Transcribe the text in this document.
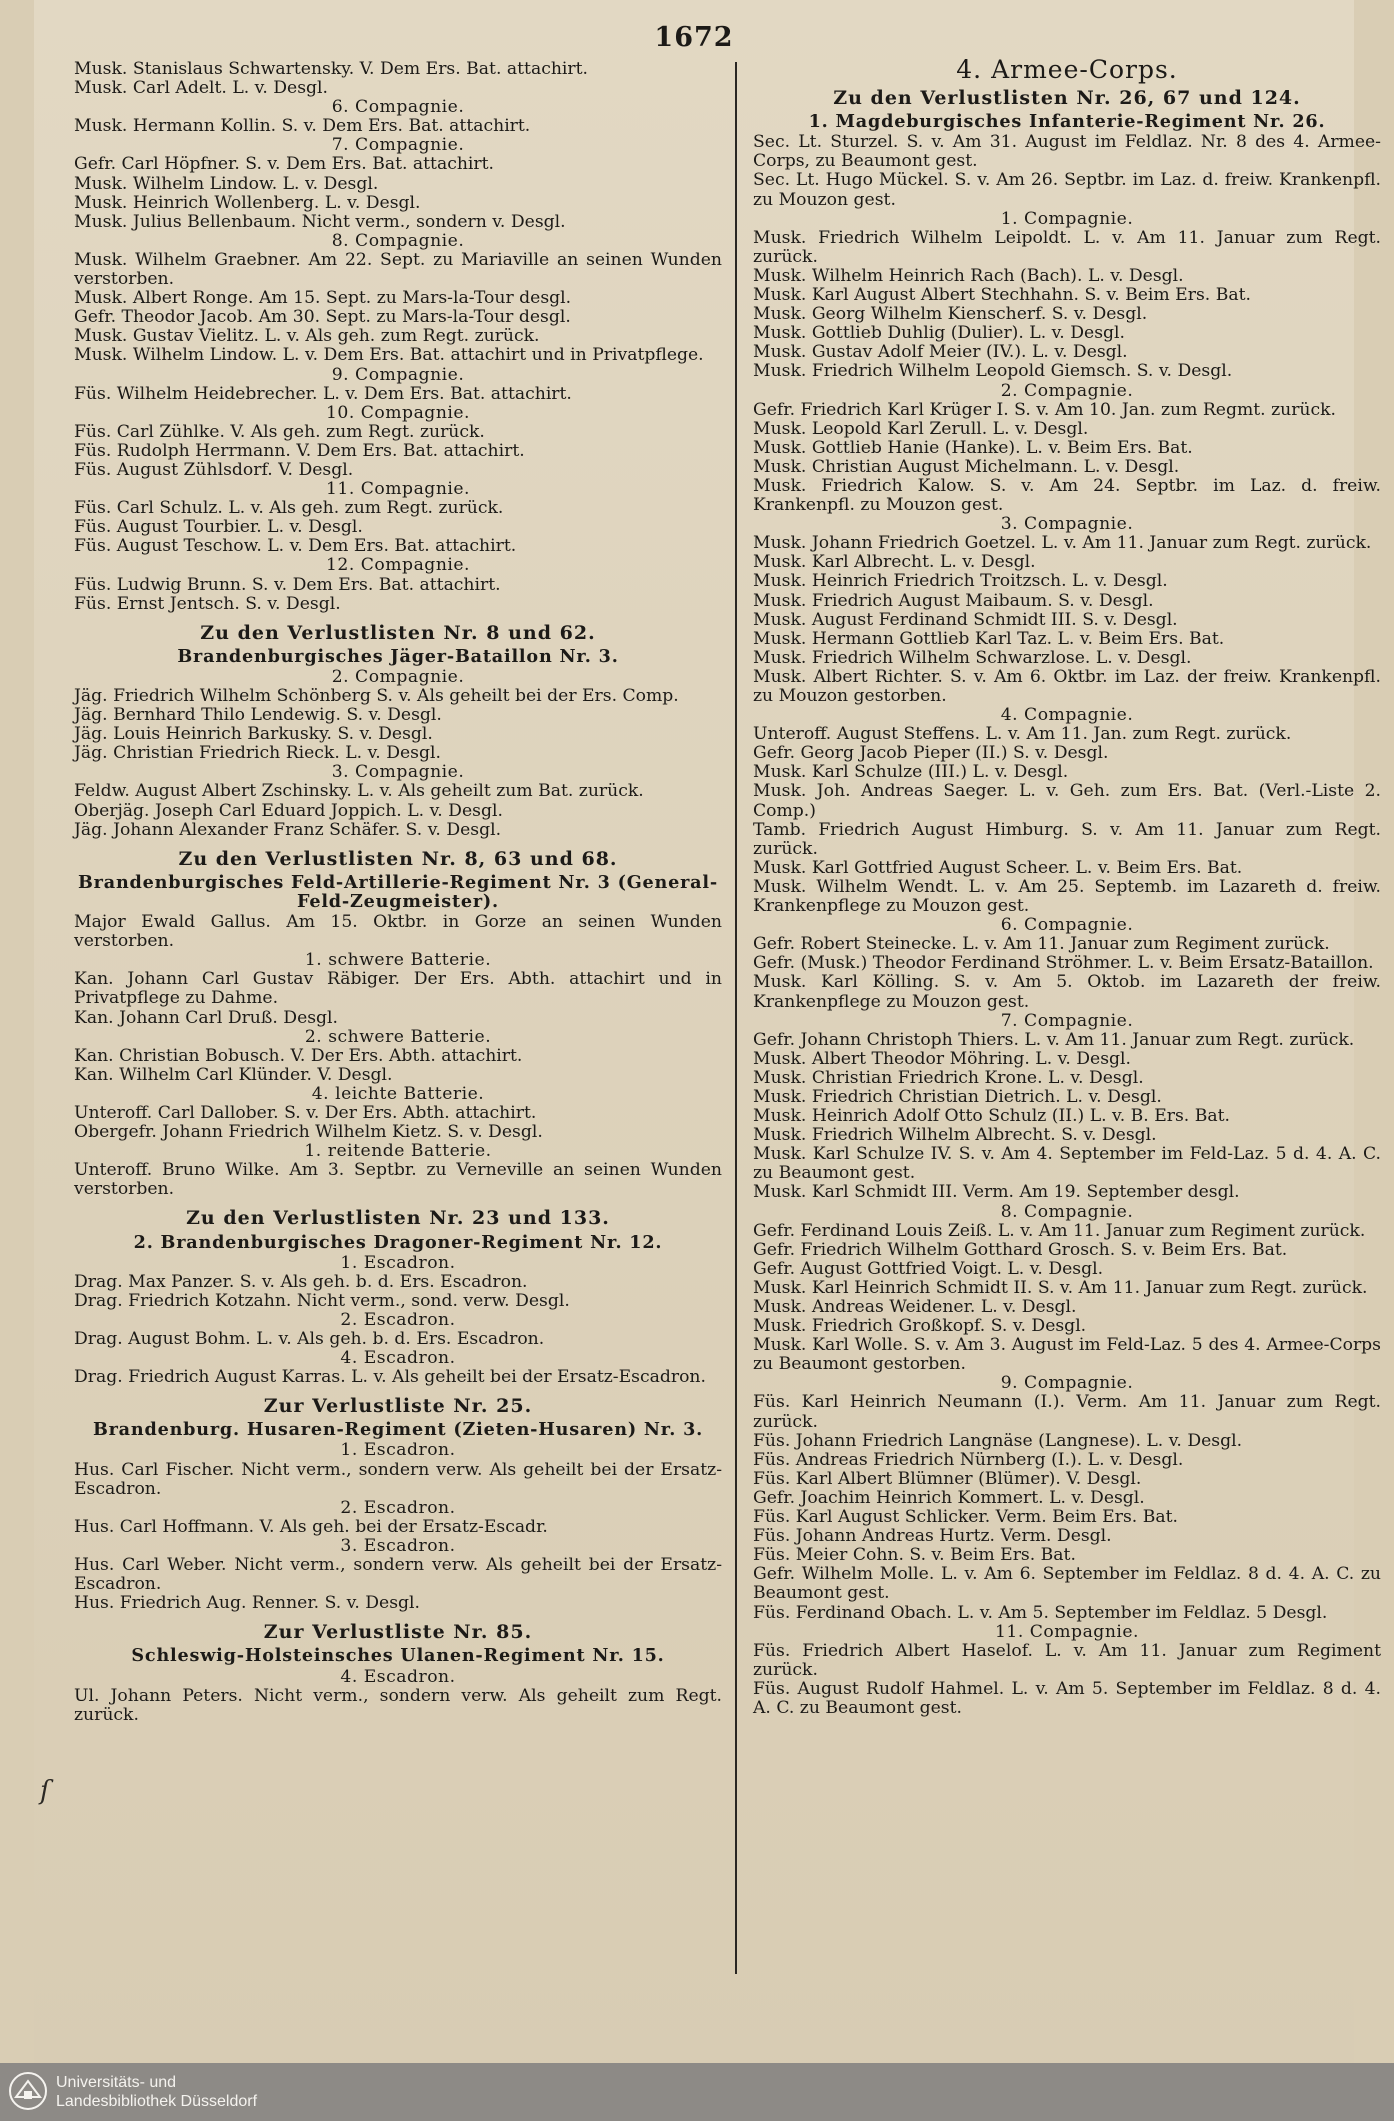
1672
Musk. Stanislaus Schwartensky. V. Dem Ers. Bat. attachirt.
Musk. Carl Adelt. L. v. Desgl.
6. Compagnie.
Musk. Hermann Kollin. S. v. Dem Ers. Bat. attachirt.
7. Compagnie.
Gefr. Carl Höpfner. S. v. Dem Ers. Bat. attachirt.
Musk. Wilhelm Lindow. L. v. Desgl.
Musk. Heinrich Wollenberg. L. v. Desgl.
Musk. Julius Bellenbaum. Nicht verm., sondern v. Desgl.
8. Compagnie.
Musk. Wilhelm Graebner. Am 22. Sept. zu Mariaville an seinen Wunden verstorben.
Musk. Albert Ronge. Am 15. Sept. zu Mars-la-Tour desgl.
Gefr. Theodor Jacob. Am 30. Sept. zu Mars-la-Tour desgl.
Musk. Gustav Vielitz. L. v. Als geh. zum Regt. zurück.
Musk. Wilhelm Lindow. L. v. Dem Ers. Bat. attachirt und in Privatpflege.
9. Compagnie.
Füs. Wilhelm Heidebrecher. L. v. Dem Ers. Bat. attachirt.
10. Compagnie.
Füs. Carl Zühlke. V. Als geh. zum Regt. zurück.
Füs. Rudolph Herrmann. V. Dem Ers. Bat. attachirt.
Füs. August Zühlsdorf. V. Desgl.
11. Compagnie.
Füs. Carl Schulz. L. v. Als geh. zum Regt. zurück.
Füs. August Tourbier. L. v. Desgl.
Füs. August Teschow. L. v. Dem Ers. Bat. attachirt.
12. Compagnie.
Füs. Ludwig Brunn. S. v. Dem Ers. Bat. attachirt.
Füs. Ernst Jentsch. S. v. Desgl.
Zu den Verlustlisten Nr. 8 und 62.
Brandenburgisches Jäger-Bataillon Nr. 3.
2. Compagnie.
Jäg. Friedrich Wilhelm Schönberg S. v. Als geheilt bei der Ers. Comp.
Jäg. Bernhard Thilo Lendewig. S. v. Desgl.
Jäg. Louis Heinrich Barkusky. S. v. Desgl.
Jäg. Christian Friedrich Rieck. L. v. Desgl.
3. Compagnie.
Feldw. August Albert Zschinsky. L. v. Als geheilt zum Bat. zurück.
Oberjäg. Joseph Carl Eduard Joppich. L. v. Desgl.
Jäg. Johann Alexander Franz Schäfer. S. v. Desgl.
Zu den Verlustlisten Nr. 8, 63 und 68.
Brandenburgisches Feld-Artillerie-Regiment Nr. 3 (General-Feld-Zeugmeister).
Major Ewald Gallus. Am 15. Oktbr. in Gorze an seinen Wunden verstorben.
1. schwere Batterie.
Kan. Johann Carl Gustav Räbiger. Der Ers. Abth. attachirt und in Privatpflege zu Dahme.
Kan. Johann Carl Druß. Desgl.
2. schwere Batterie.
Kan. Christian Bobusch. V. Der Ers. Abth. attachirt.
Kan. Wilhelm Carl Klünder. V. Desgl.
4. leichte Batterie.
Unteroff. Carl Dallober. S. v. Der Ers. Abth. attachirt.
Obergefr. Johann Friedrich Wilhelm Kietz. S. v. Desgl.
1. reitende Batterie.
Unteroff. Bruno Wilke. Am 3. Septbr. zu Verneville an seinen Wunden verstorben.
Zu den Verlustlisten Nr. 23 und 133.
2. Brandenburgisches Dragoner-Regiment Nr. 12.
1. Escadron.
Drag. Max Panzer. S. v. Als geh. b. d. Ers. Escadron.
Drag. Friedrich Kotzahn. Nicht verm., sond. verw. Desgl.
2. Escadron.
Drag. August Bohm. L. v. Als geh. b. d. Ers. Escadron.
4. Escadron.
Drag. Friedrich August Karras. L. v. Als geheilt bei der Ersatz-Escadron.
Zur Verlustliste Nr. 25.
Brandenburg. Husaren-Regiment (Zieten-Husaren) Nr. 3.
1. Escadron.
Hus. Carl Fischer. Nicht verm., sondern verw. Als geheilt bei der Ersatz-Escadron.
2. Escadron.
Hus. Carl Hoffmann. V. Als geh. bei der Ersatz-Escadr.
3. Escadron.
Hus. Carl Weber. Nicht verm., sondern verw. Als geheilt bei der Ersatz-Escadron.
Hus. Friedrich Aug. Renner. S. v. Desgl.
Zur Verlustliste Nr. 85.
Schleswig-Holsteinsches Ulanen-Regiment Nr. 15.
4. Escadron.
Ul. Johann Peters. Nicht verm., sondern verw. Als geheilt zum Regt. zurück.
4. Armee-Corps.
Zu den Verlustlisten Nr. 26, 67 und 124.
1. Magdeburgisches Infanterie-Regiment Nr. 26.
Sec. Lt. Sturzel. S. v. Am 31. August im Feldlaz. Nr. 8 des 4. Armee-Corps, zu Beaumont gest.
Sec. Lt. Hugo Mückel. S. v. Am 26. Septbr. im Laz. d. freiw. Krankenpfl. zu Mouzon gest.
1. Compagnie.
Musk. Friedrich Wilhelm Leipoldt. L. v. Am 11. Januar zum Regt. zurück.
Musk. Wilhelm Heinrich Rach (Bach). L. v. Desgl.
Musk. Karl August Albert Stechhahn. S. v. Beim Ers. Bat.
Musk. Georg Wilhelm Kienscherf. S. v. Desgl.
Musk. Gottlieb Duhlig (Dulier). L. v. Desgl.
Musk. Gustav Adolf Meier (IV.). L. v. Desgl.
Musk. Friedrich Wilhelm Leopold Giemsch. S. v. Desgl.
2. Compagnie.
Gefr. Friedrich Karl Krüger I. S. v. Am 10. Jan. zum Regmt. zurück.
Musk. Leopold Karl Zerull. L. v. Desgl.
Musk. Gottlieb Hanie (Hanke). L. v. Beim Ers. Bat.
Musk. Christian August Michelmann. L. v. Desgl.
Musk. Friedrich Kalow. S. v. Am 24. Septbr. im Laz. d. freiw. Krankenpfl. zu Mouzon gest.
3. Compagnie.
Musk. Johann Friedrich Goetzel. L. v. Am 11. Januar zum Regt. zurück.
Musk. Karl Albrecht. L. v. Desgl.
Musk. Heinrich Friedrich Troitzsch. L. v. Desgl.
Musk. Friedrich August Maibaum. S. v. Desgl.
Musk. August Ferdinand Schmidt III. S. v. Desgl.
Musk. Hermann Gottlieb Karl Taz. L. v. Beim Ers. Bat.
Musk. Friedrich Wilhelm Schwarzlose. L. v. Desgl.
Musk. Albert Richter. S. v. Am 6. Oktbr. im Laz. der freiw. Krankenpfl. zu Mouzon gestorben.
4. Compagnie.
Unteroff. August Steffens. L. v. Am 11. Jan. zum Regt. zurück.
Gefr. Georg Jacob Pieper (II.) S. v. Desgl.
Musk. Karl Schulze (III.) L. v. Desgl.
Musk. Joh. Andreas Saeger. L. v. Geh. zum Ers. Bat. (Verl.-Liste 2. Comp.)
Tamb. Friedrich August Himburg. S. v. Am 11. Januar zum Regt. zurück.
Musk. Karl Gottfried August Scheer. L. v. Beim Ers. Bat.
Musk. Wilhelm Wendt. L. v. Am 25. Septemb. im Lazareth d. freiw. Krankenpflege zu Mouzon gest.
6. Compagnie.
Gefr. Robert Steinecke. L. v. Am 11. Januar zum Regiment zurück.
Gefr. (Musk.) Theodor Ferdinand Ströhmer. L. v. Beim Ersatz-Bataillon.
Musk. Karl Kölling. S. v. Am 5. Oktob. im Lazareth der freiw. Krankenpflege zu Mouzon gest.
7. Compagnie.
Gefr. Johann Christoph Thiers. L. v. Am 11. Januar zum Regt. zurück.
Musk. Albert Theodor Möhring. L. v. Desgl.
Musk. Christian Friedrich Krone. L. v. Desgl.
Musk. Friedrich Christian Dietrich. L. v. Desgl.
Musk. Heinrich Adolf Otto Schulz (II.) L. v. B. Ers. Bat.
Musk. Friedrich Wilhelm Albrecht. S. v. Desgl.
Musk. Karl Schulze IV. S. v. Am 4. September im Feld-Laz. 5 d. 4. A. C. zu Beaumont gest.
Musk. Karl Schmidt III. Verm. Am 19. September desgl.
8. Compagnie.
Gefr. Ferdinand Louis Zeiß. L. v. Am 11. Januar zum Regiment zurück.
Gefr. Friedrich Wilhelm Gotthard Grosch. S. v. Beim Ers. Bat.
Gefr. August Gottfried Voigt. L. v. Desgl.
Musk. Karl Heinrich Schmidt II. S. v. Am 11. Januar zum Regt. zurück.
Musk. Andreas Weidener. L. v. Desgl.
Musk. Friedrich Großkopf. S. v. Desgl.
Musk. Karl Wolle. S. v. Am 3. August im Feld-Laz. 5 des 4. Armee-Corps zu Beaumont gestorben.
9. Compagnie.
Füs. Karl Heinrich Neumann (I.). Verm. Am 11. Januar zum Regt. zurück.
Füs. Johann Friedrich Langnäse (Langnese). L. v. Desgl.
Füs. Andreas Friedrich Nürnberg (I.). L. v. Desgl.
Füs. Karl Albert Blümner (Blümer). V. Desgl.
Gefr. Joachim Heinrich Kommert. L. v. Desgl.
Füs. Karl August Schlicker. Verm. Beim Ers. Bat.
Füs. Johann Andreas Hurtz. Verm. Desgl.
Füs. Meier Cohn. S. v. Beim Ers. Bat.
Gefr. Wilhelm Molle. L. v. Am 6. September im Feldlaz. 8 d. 4. A. C. zu Beaumont gest.
Füs. Ferdinand Obach. L. v. Am 5. September im Feldlaz. 5 Desgl.
11. Compagnie.
Füs. Friedrich Albert Haselof. L. v. Am 11. Januar zum Regiment zurück.
Füs. August Rudolf Hahmel. L. v. Am 5. September im Feldlaz. 8 d. 4. A. C. zu Beaumont gest.
ſ
Universitäts- und
Landesbibliothek Düsseldorf
